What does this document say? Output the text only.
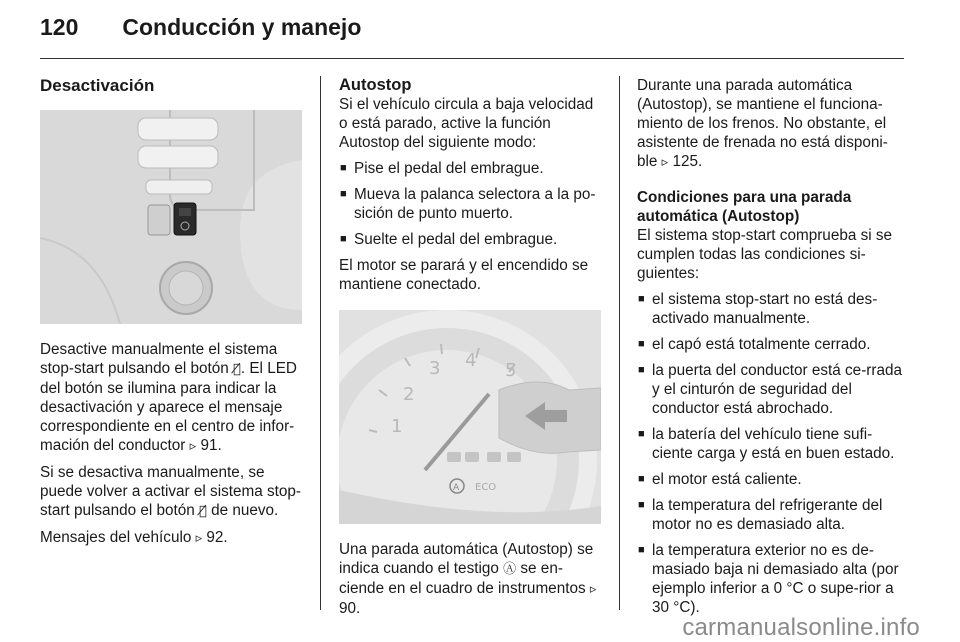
120 Conducción y manejo
Desactivación

Desactive manualmente el sistema stop-start pulsando el botón Ⓐ̸. El LED del botón se ilumina para indicar la desactivación y aparece el mensaje
correspondiente en el centro de infor-mación del conductor ▹ 91.

Si se desactiva manualmente, se puede volver a activar el sistema stop-start pulsando el botón Ⓐ̸ de nuevo.

Mensajes del vehículo ▹ 92.

Autostop

Si el vehículo circula a baja velocidad o está parado, active la función Autostop del siguiente modo:

■ Pise el pedal del embrague.
■ Mueva la palanca selectora a la po-sición de punto muerto.
■ Suelte el pedal del embrague.

El motor se parará y el encendido se mantiene conectado.

1
2
3 4 5
A ECO

Una parada automática (Autostop) se indica cuando el testigo Ⓐ se en-ciende en el cuadro de instrumentos ▹ 90.

Durante una parada automática (Autostop), se mantiene el funciona-miento de los frenos. No obstante, el asistente de frenada no está disponi-ble ▹ 125.

Condiciones para una parada automática (Autostop)

El sistema stop-start comprueba si se cumplen todas las condiciones si-guientes:

■ el sistema stop-start no está des-activado manualmente.
■ el capó está totalmente cerrado.
■ la puerta del conductor está ce-rrada y el cinturón de seguridad del conductor está abrochado.
■ la batería del vehículo tiene sufi-ciente carga y está en buen estado.
■ el motor está caliente.
■ la temperatura del refrigerante del motor no es demasiado alta.
■ la temperatura exterior no es de-masiado baja ni demasiado alta (por ejemplo inferior a 0 °C o supe-rior a 30 °C).
carmanualsonline.info
